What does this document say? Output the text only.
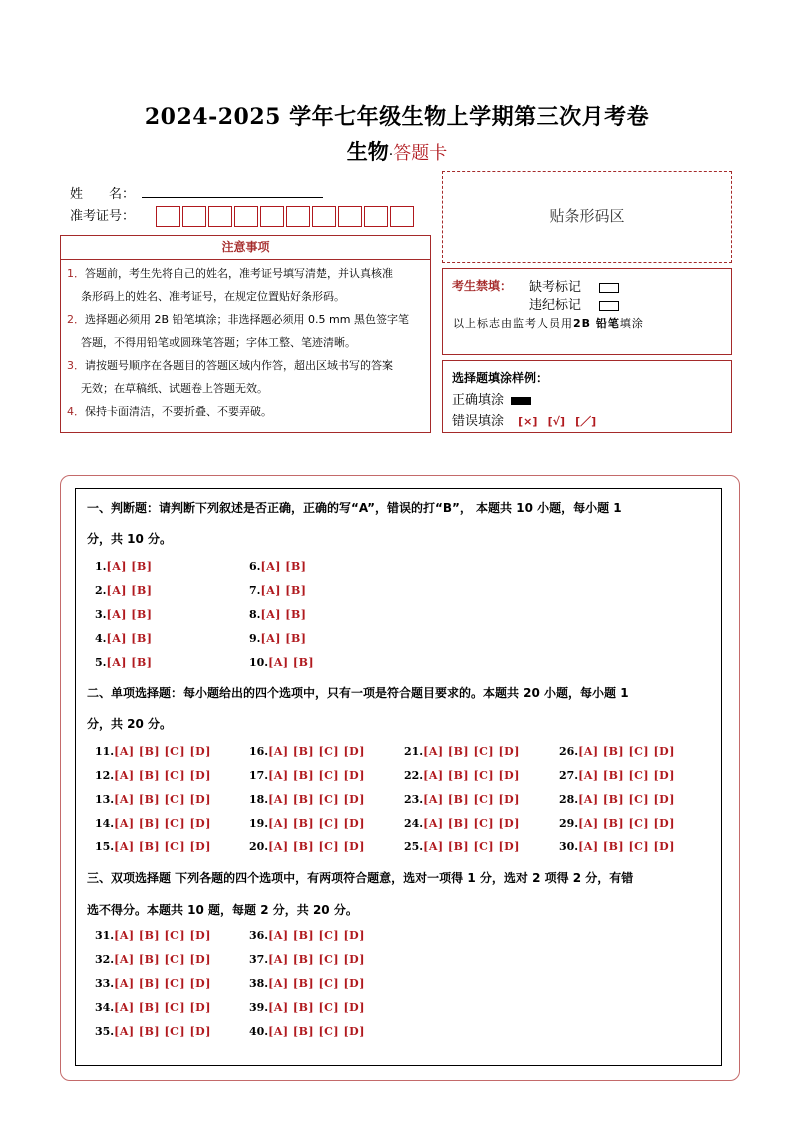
2024-2025 学年七年级生物上学期第三次月考卷
生物·答题卡
姓　　名：
准考证号：
注意事项
1．答题前，考生先将自己的姓名，准考证号填写清楚，并认真核准
条形码上的姓名、准考证号，在规定位置贴好条形码。
2．选择题必须用 2B 铅笔填涂；非选择题必须用 0.5 mm 黑色签字笔
答题，不得用铅笔或圆珠笔答题；字体工整、笔迹清晰。
3．请按题号顺序在各题目的答题区域内作答，超出区域书写的答案
无效；在草稿纸、试题卷上答题无效。
4．保持卡面清洁，不要折叠、不要弄破。
贴条形码区
考生禁填： 缺考标记
违纪标记
以上标志由监考人员用2B 铅笔填涂
选择题填涂样例：
正确填涂
错误填涂 [×] [√] [／]
一、判断题：请判断下列叙述是否正确，正确的写“A”，错误的打“B”， 本题共 10 小题，每小题 1
分，共 10 分。
1.[A] [B]
2.[A] [B]
3.[A] [B]
4.[A] [B]
5.[A] [B]
6.[A] [B]
7.[A] [B]
8.[A] [B]
9.[A] [B]
10.[A] [B]
二、单项选择题：每小题给出的四个选项中，只有一项是符合题目要求的。本题共 20 小题，每小题 1
分，共 20 分。
11.[A] [B] [C] [D]
12.[A] [B] [C] [D]
13.[A] [B] [C] [D]
14.[A] [B] [C] [D]
15.[A] [B] [C] [D]
16.[A] [B] [C] [D]
17.[A] [B] [C] [D]
18.[A] [B] [C] [D]
19.[A] [B] [C] [D]
20.[A] [B] [C] [D]
21.[A] [B] [C] [D]
22.[A] [B] [C] [D]
23.[A] [B] [C] [D]
24.[A] [B] [C] [D]
25.[A] [B] [C] [D]
26.[A] [B] [C] [D]
27.[A] [B] [C] [D]
28.[A] [B] [C] [D]
29.[A] [B] [C] [D]
30.[A] [B] [C] [D]
三、双项选择题 下列各题的四个选项中，有两项符合题意，选对一项得 1 分，选对 2 项得 2 分，有错
选不得分。本题共 10 题，每题 2 分，共 20 分。
31.[A] [B] [C] [D]
32.[A] [B] [C] [D]
33.[A] [B] [C] [D]
34.[A] [B] [C] [D]
35.[A] [B] [C] [D]
36.[A] [B] [C] [D]
37.[A] [B] [C] [D]
38.[A] [B] [C] [D]
39.[A] [B] [C] [D]
40.[A] [B] [C] [D]
